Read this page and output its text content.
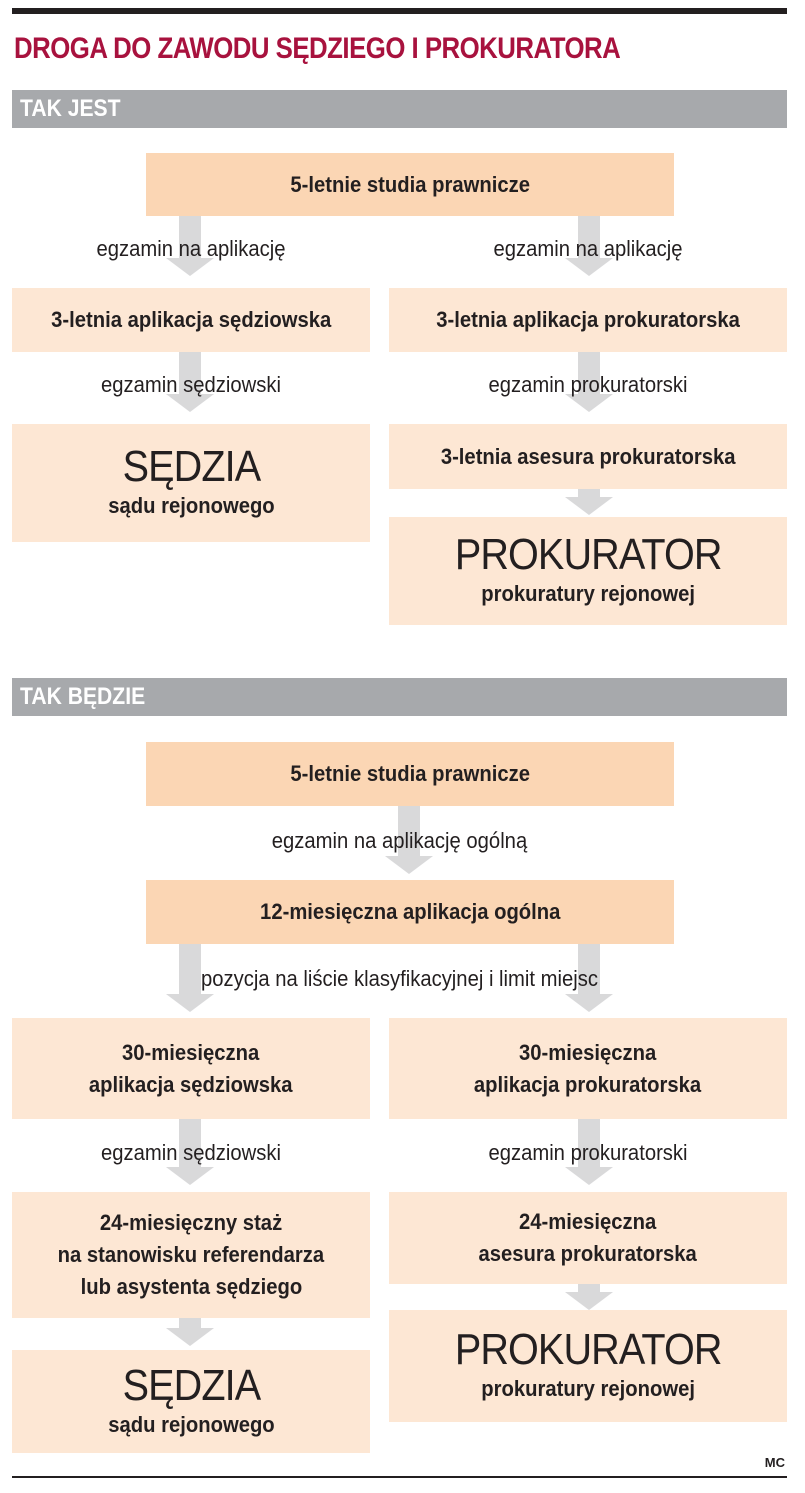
DROGA DO ZAWODU SĘDZIEGO I PROKURATORA
TAK JEST
5-letnie studia prawnicze
egzamin na aplikację	egzamin na aplikację
3-letnia aplikacja sędziowska	3-letnia aplikacja prokuratorska
egzamin sędziowski	egzamin prokuratorski
SĘDZIA
sądu rejonowego
3-letnia asesura prokuratorska
PROKURATOR
prokuratury rejonowej
TAK BĘDZIE
5-letnie studia prawnicze
egzamin na aplikację ogólną
12-miesięczna aplikacja ogólna
pozycja na liście klasyfikacyjnej i limit miejsc
30-miesięczna
aplikacja sędziowska
30-miesięczna
aplikacja prokuratorska
egzamin sędziowski	egzamin prokuratorski
24-miesięczny staż
na stanowisku referendarza
lub asystenta sędziego
24-miesięczna
asesura prokuratorska
SĘDZIA
sądu rejonowego
PROKURATOR
prokuratury rejonowej
MC
